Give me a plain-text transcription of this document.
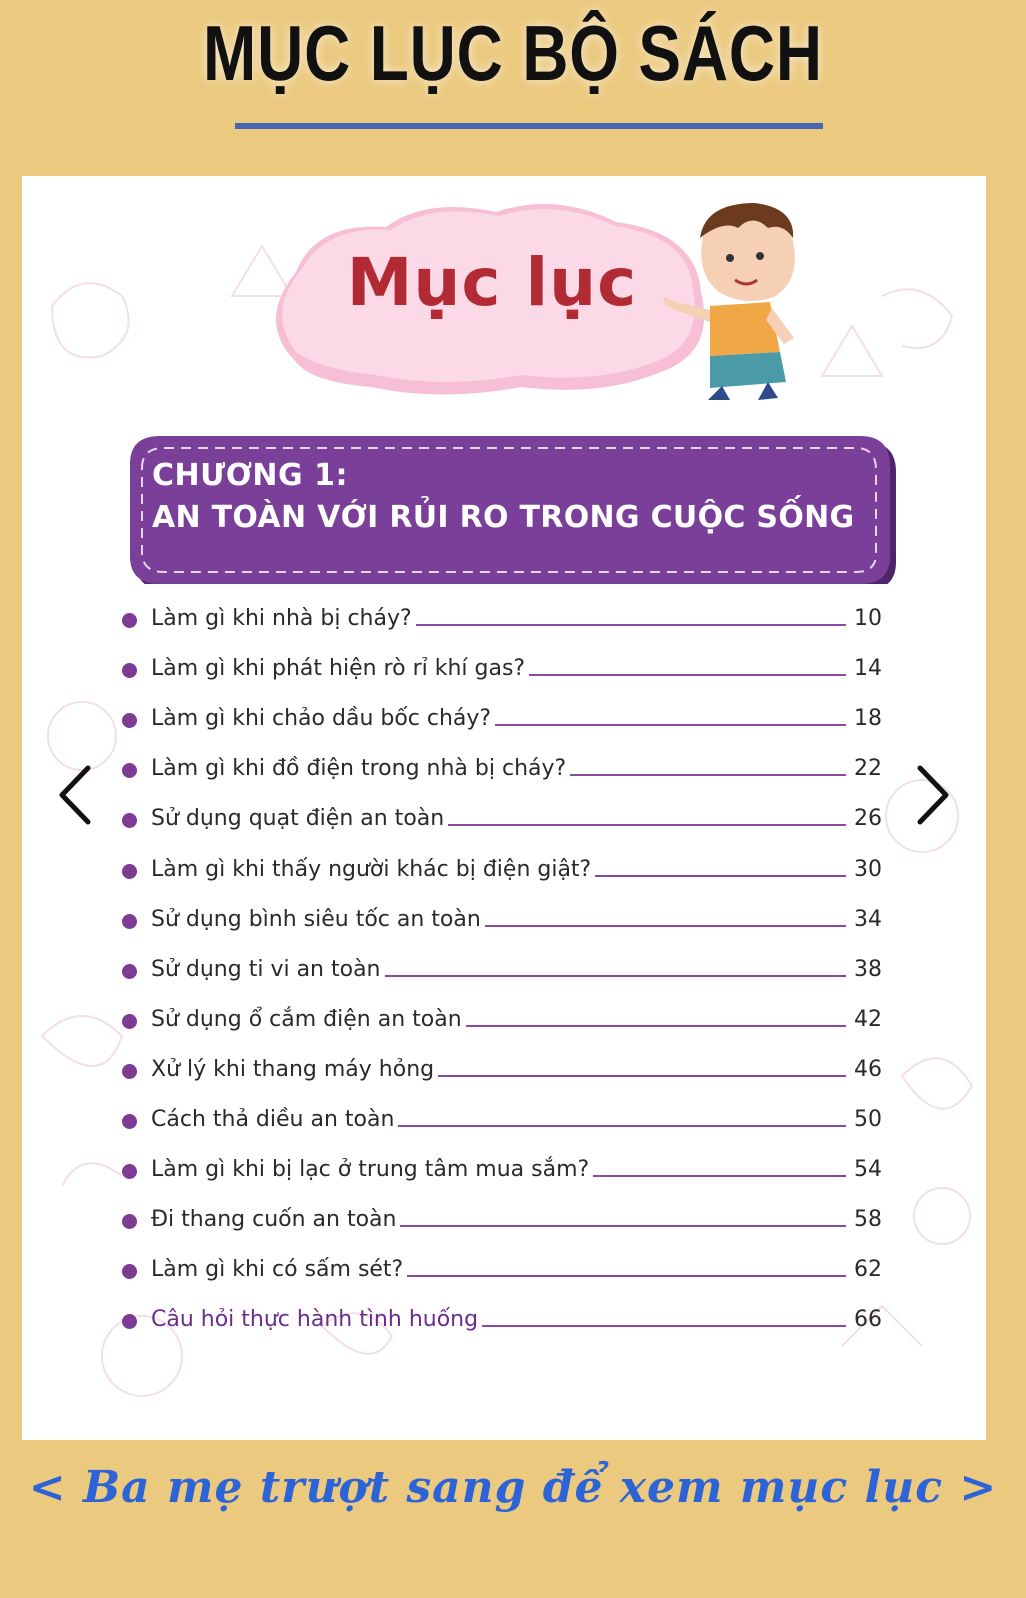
MỤC LỤC BỘ SÁCH
Mục lục
CHƯƠNG 1:
AN TOÀN VỚI RỦI RO TRONG CUỘC SỐNG
Làm gì khi nhà bị cháy?	10
Làm gì khi phát hiện rò rỉ khí gas?	14
Làm gì khi chảo dầu bốc cháy?	18
Làm gì khi đồ điện trong nhà bị cháy?	22
Sử dụng quạt điện an toàn	26
Làm gì khi thấy người khác bị điện giật?	30
Sử dụng bình siêu tốc an toàn	34
Sử dụng ti vi an toàn	38
Sử dụng ổ cắm điện an toàn	42
Xử lý khi thang máy hỏng	46
Cách thả diều an toàn	50
Làm gì khi bị lạc ở trung tâm mua sắm?	54
Đi thang cuốn an toàn	58
Làm gì khi có sấm sét?	62
Câu hỏi thực hành tình huống	66
< Ba mẹ trượt sang để xem mục lục >
